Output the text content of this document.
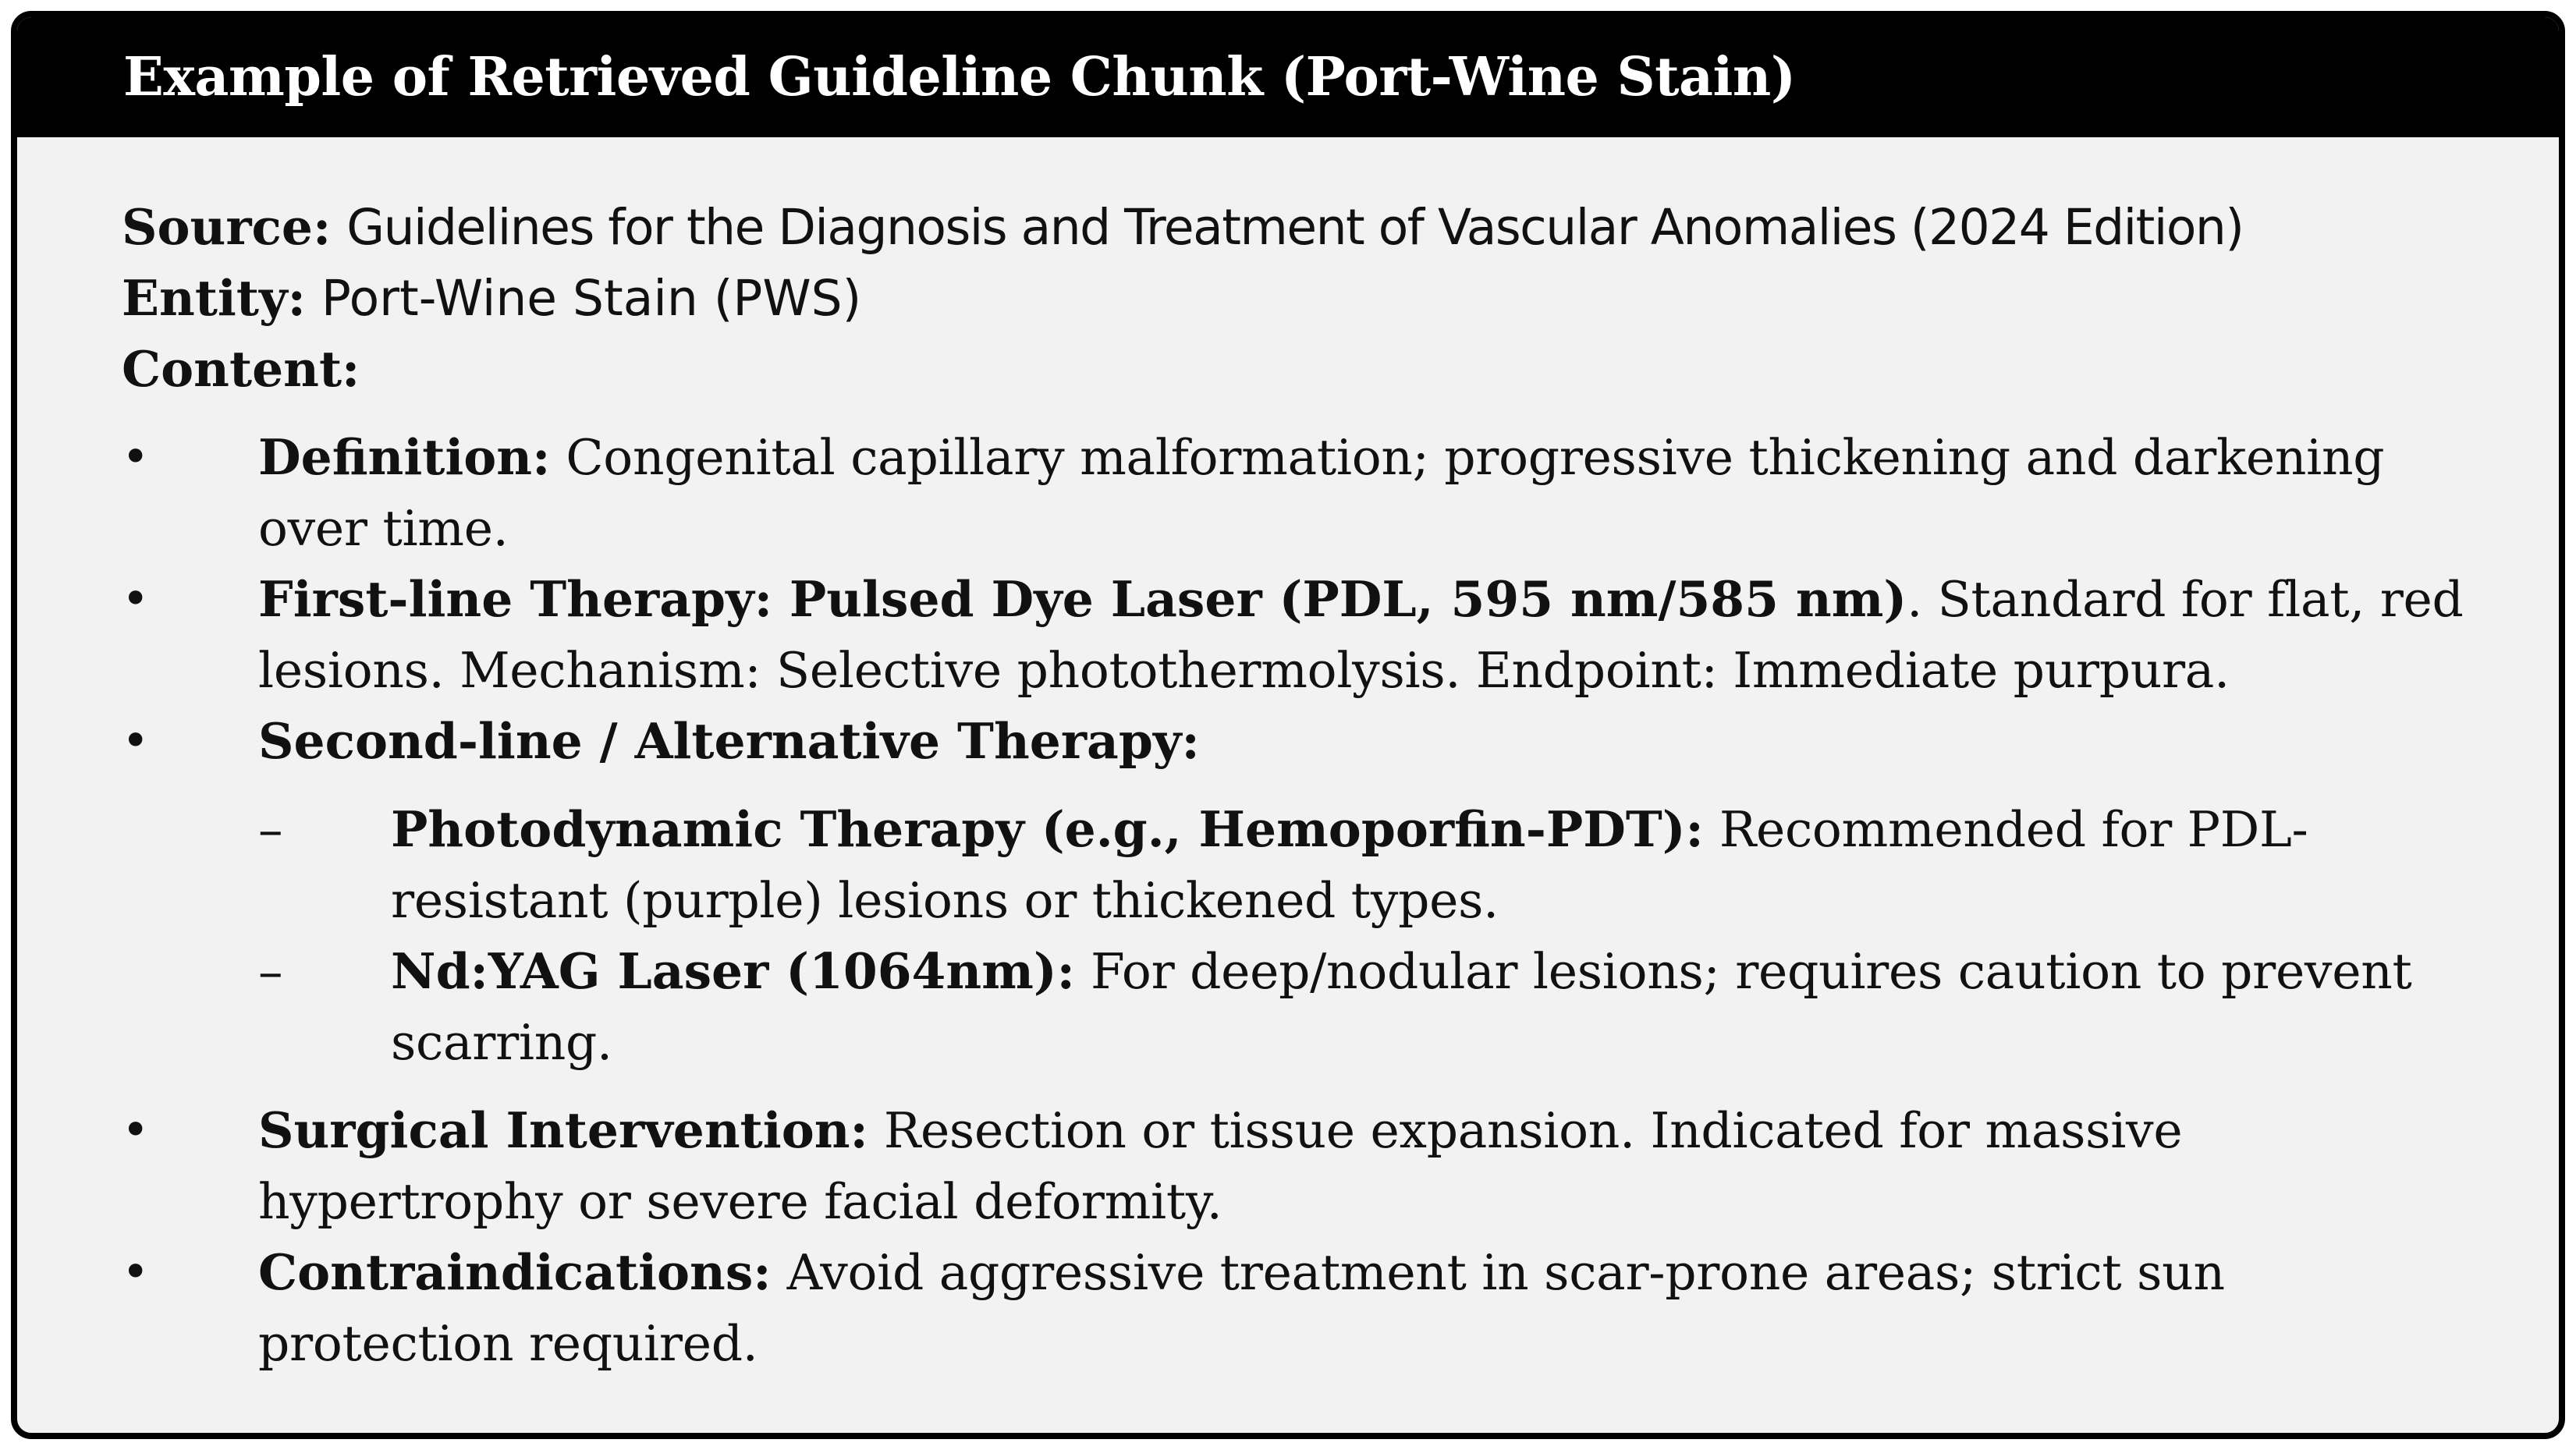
Example of Retrieved Guideline Chunk (Port-Wine Stain)

Source: Guidelines for the Diagnosis and Treatment of Vascular Anomalies (2024 Edition)

Entity: Port-Wine Stain (PWS)

Content:

•	Definition: Congenital capillary malformation; progressive thickening and darkening over time.
•	First-line Therapy: Pulsed Dye Laser (PDL, 595 nm/585 nm). Standard for flat, red lesions. Mechanism: Selective photothermolysis. Endpoint: Immediate purpura.
•	Second-line / Alternative Therapy:
– Photodynamic Therapy (e.g., Hemoporfin-PDT): Recommended for PDL-resistant (purple) lesions or thickened types.
– Nd:YAG Laser (1064nm): For deep/nodular lesions; requires caution to prevent scarring.
•	Surgical Intervention: Resection or tissue expansion. Indicated for massive hypertrophy or severe facial deformity.
•	Contraindications: Avoid aggressive treatment in scar-prone areas; strict sun protection required.
